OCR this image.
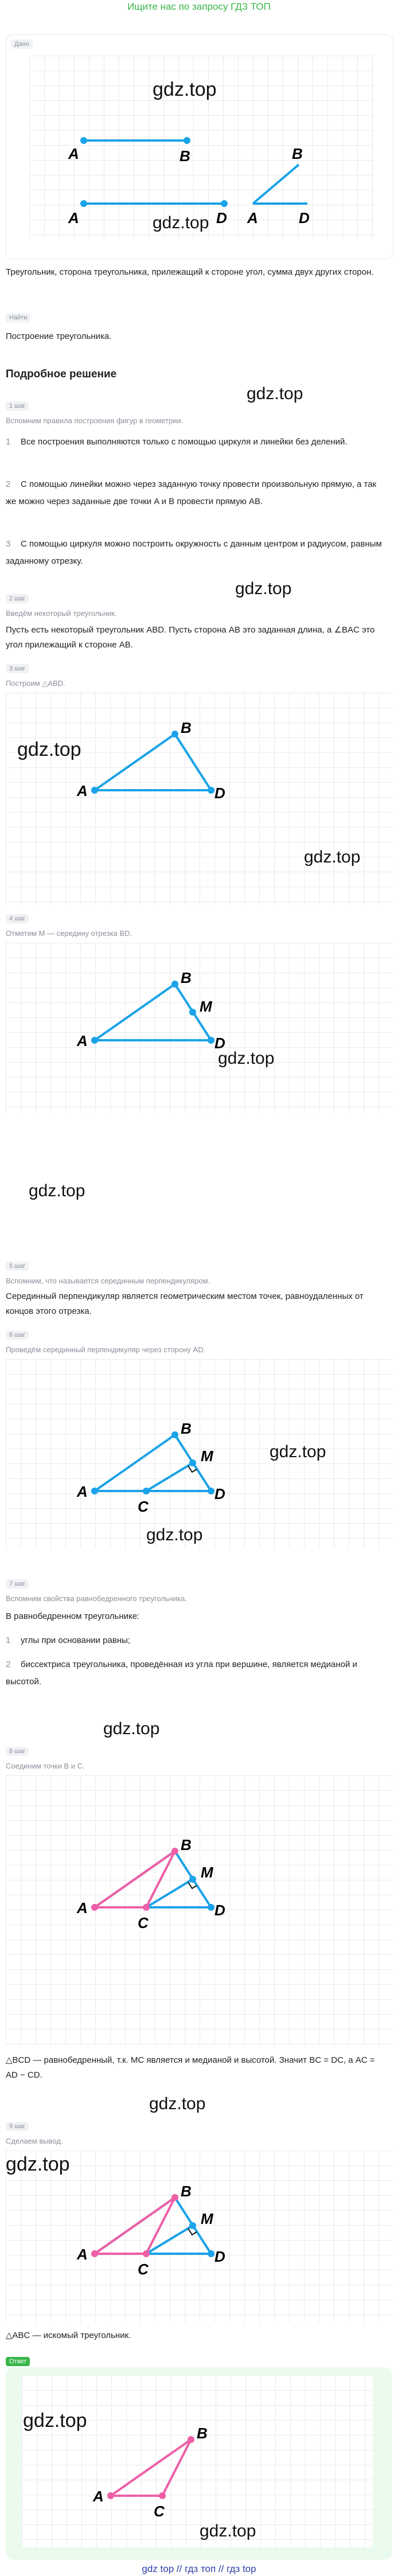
Ищите нас по запросу ГДЗ ТОП
Дано
A	B
A	D A	D
B
gdz.top
gdz.top
Треугольник, сторона треугольника, прилежащий к стороне угол, сумма двух других сторон.
Найти
Построение треугольника.
Подробное решение
gdz.top
1 шаг
Вспомним правила построения фигур в геометрии.
1 Все построения выполняются только с помощью циркуля и линейки без делений.
2 С помощью линейки можно через заданную точку провести произвольную прямую, а так же можно через заданные две точки A и B провести прямую AB.
3 С помощью циркуля можно построить окружность с данным центром и радиусом, равным заданному отрезку.
gdz.top
2 шаг
Введём некоторый треугольник.
Пусть есть некоторый треугольник ABD. Пусть сторона AB это заданная длина, а ∠BAC это угол прилежащий к стороне AB.
3 шаг
Построим △ABD.
A
B
D
gdz.top
gdz.top
4 шаг
Отметим M — середину отрезка BD.
A
B
D
M
gdz.top
gdz.top
5 шаг
Вспомним, что называется серединным перпендикуляром.
Серединный перпендикуляр является геометрическим местом точек, равноудаленных от концов этого отрезка.
6 шаг
Проведём серединный перпендикуляр через сторону AD.
A
B
D
M
C
gdz.top
gdz.top
7 шаг
Вспомним свойства равнобедренного треугольника.
В равнобедренном треугольнике:
1 углы при основании равны;
2 биссектриса треугольника, проведённая из угла при вершине, является медианой и высотой.
gdz.top
8 шаг
Соединим точки B и C.
A
B
D
M
C
△BCD — равнобедренный, т.к. MC является и медианой и высотой. Значит BC = DC, а AC = AD − CD.
gdz.top
9 шаг
Сделаем вывод.
A
B
D
M
C
gdz.top
△ABC — искомый треугольник.
Ответ
A
B
C
gdz.top
gdz.top
gdz top // гдз топ // гдз top
